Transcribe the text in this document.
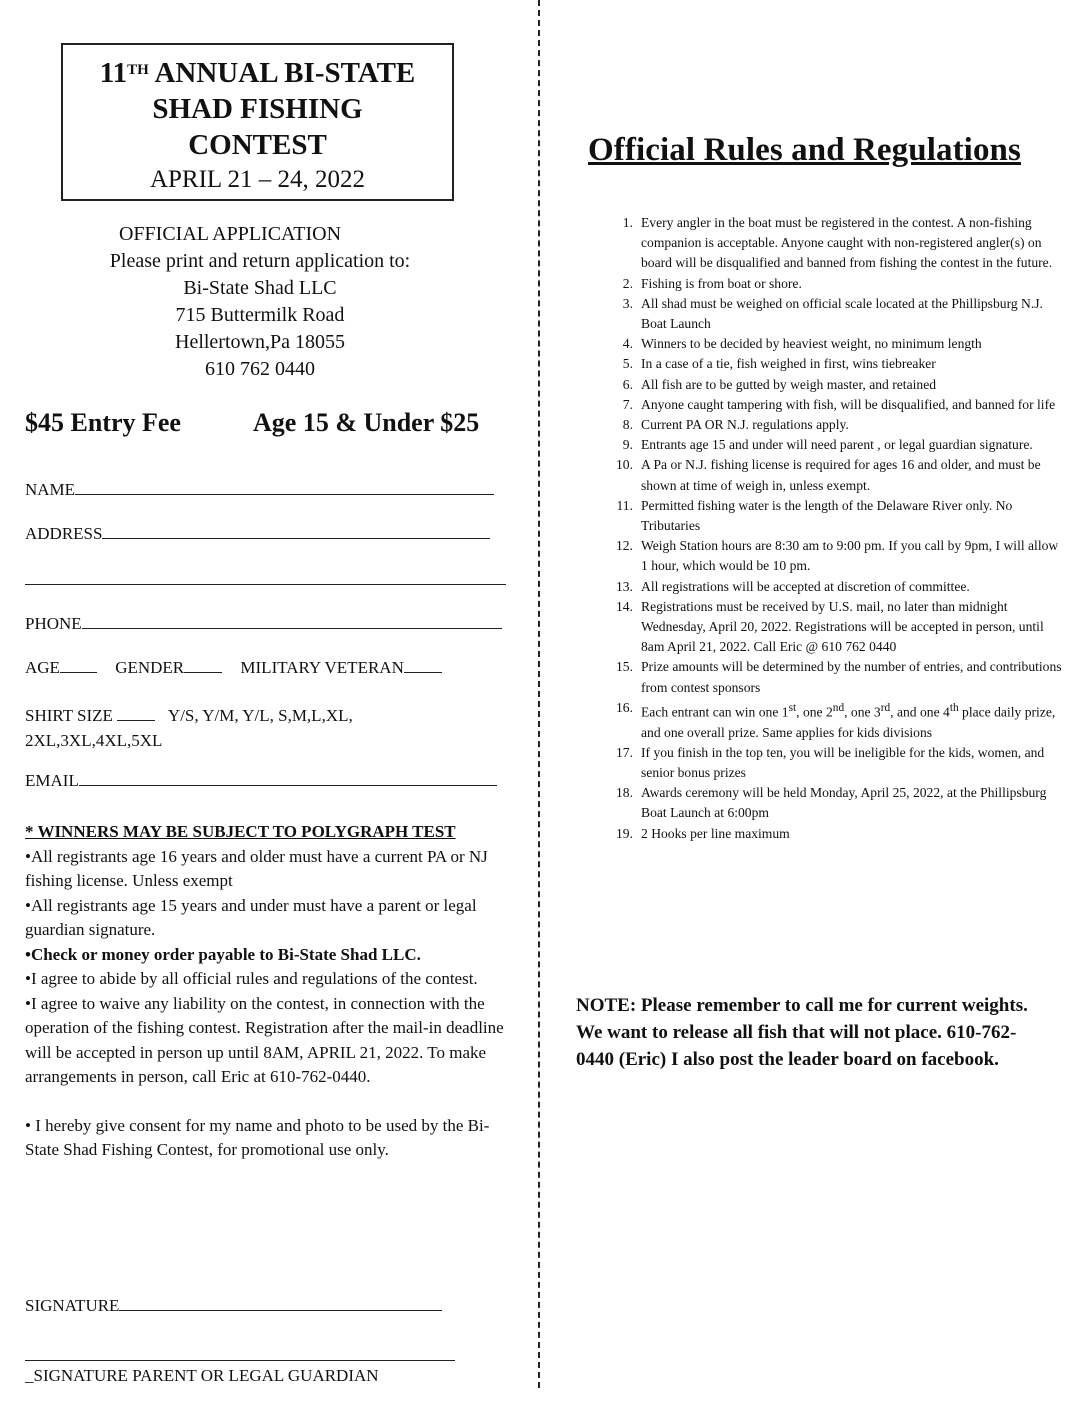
11TH ANNUAL BI-STATE
SHAD FISHING
CONTEST
APRIL 21 – 24, 2022
OFFICIAL APPLICATION
Please print and return application to:
Bi-State Shad LLC
715 Buttermilk Road
Hellertown,Pa 18055
610 762 0440
$45 Entry Fee	Age 15 & Under $25
NAME
ADDRESS
PHONE
AGE	GENDER	MILITARY VETERAN
SHIRT SIZE	Y/S, Y/M, Y/L, S,M,L,XL,
2XL,3XL,4XL,5XL
EMAIL
* WINNERS MAY BE SUBJECT TO POLYGRAPH TEST
•All registrants age 16 years and older must have a current PA or NJ fishing license. Unless exempt
•All registrants age 15 years and under must have a parent or legal guardian signature.
•Check or money order payable to Bi-State Shad LLC.
•I agree to abide by all official rules and regulations of the contest.
•I agree to waive any liability on the contest, in connection with the operation of the fishing contest. Registration after the mail-in deadline will be accepted in person up until 8AM, APRIL 21, 2022. To make arrangements in person, call Eric at 610-762-0440.
• I hereby give consent for my name and photo to be used by the Bi-State Shad Fishing Contest, for promotional use only.
SIGNATURE
_SIGNATURE PARENT OR LEGAL GUARDIAN
Official Rules and Regulations
1. Every angler in the boat must be registered in the contest. A non-fishing companion is acceptable. Anyone caught with non-registered angler(s) on board will be disqualified and banned from fishing the contest in the future.
2. Fishing is from boat or shore.
3. All shad must be weighed on official scale located at the Phillipsburg N.J. Boat Launch
4. Winners to be decided by heaviest weight, no minimum length
5. In a case of a tie, fish weighed in first, wins tiebreaker
6. All fish are to be gutted by weigh master, and retained
7. Anyone caught tampering with fish, will be disqualified, and banned for life
8. Current PA OR N.J. regulations apply.
9. Entrants age 15 and under will need parent , or legal guardian signature.
10. A Pa or N.J. fishing license is required for ages 16 and older, and must be shown at time of weigh in, unless exempt.
11. Permitted fishing water is the length of the Delaware River only. No Tributaries
12. Weigh Station hours are 8:30 am to 9:00 pm. If you call by 9pm, I will allow 1 hour, which would be 10 pm.
13. All registrations will be accepted at discretion of committee.
14. Registrations must be received by U.S. mail, no later than midnight Wednesday, April 20, 2022. Registrations will be accepted in person, until 8am April 21, 2022. Call Eric @ 610 762 0440
15. Prize amounts will be determined by the number of entries, and contributions from contest sponsors
16. Each entrant can win one 1st, one 2nd, one 3rd, and one 4th place daily prize, and one overall prize. Same applies for kids divisions
17. If you finish in the top ten, you will be ineligible for the kids, women, and senior bonus prizes
18. Awards ceremony will be held Monday, April 25, 2022, at the Phillipsburg Boat Launch at 6:00pm
19. 2 Hooks per line maximum
NOTE: Please remember to call me for current weights. We want to release all fish that will not place. 610-762- 0440 (Eric) I also post the leader board on facebook.
